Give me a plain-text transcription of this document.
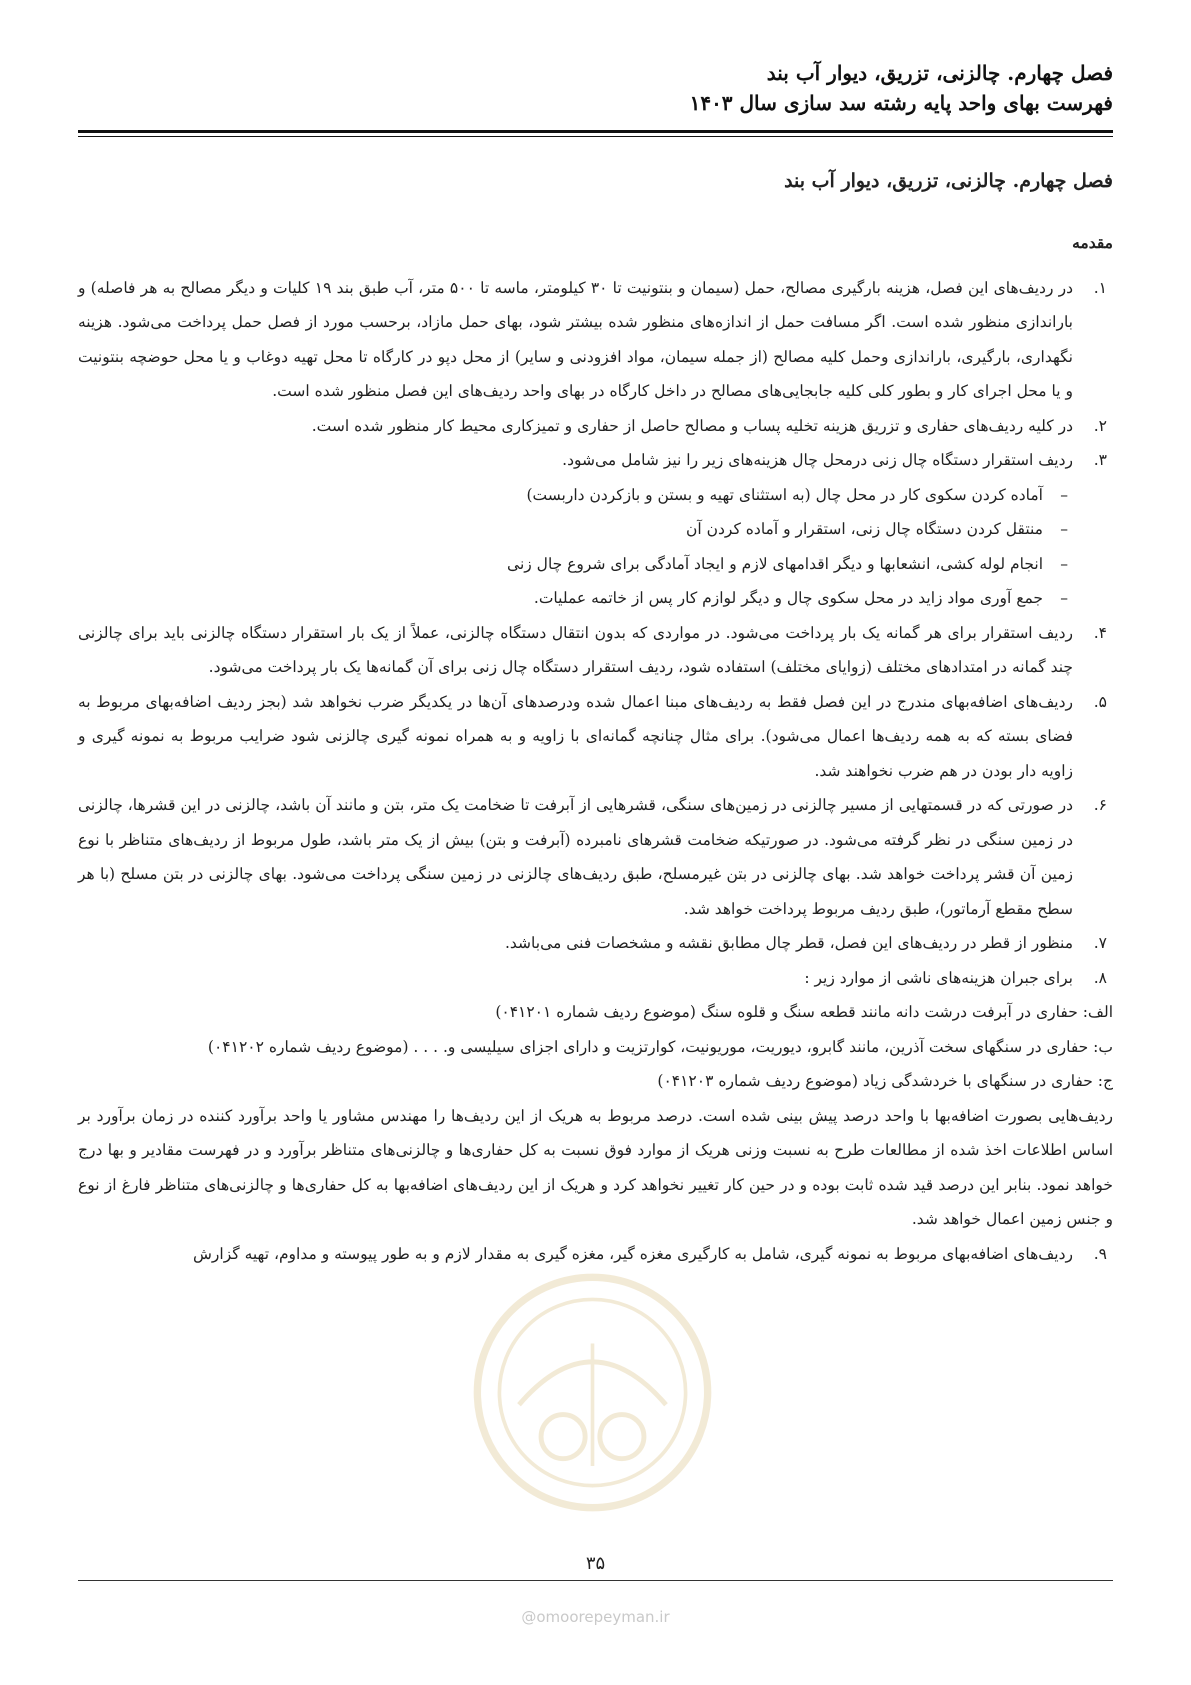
فصل چهارم. چالزنی، تزریق، دیوار آب بند
فهرست بهای واحد پایه رشته سد سازی سال ۱۴۰۳
فصل چهارم. چالزنی، تزریق، دیوار آب بند
مقدمه
۱.
در ردیف‌های این فصل، هزینه بارگیری مصالح، حمل (سیمان و بنتونیت تا ۳۰ کیلومتر، ماسه تا ۵۰۰ متر، آب طبق بند ۱۹ کلیات و دیگر مصالح به هر فاصله) و باراندازی منظور شده است. اگر مسافت حمل از اندازه‌های منظور شده بیشتر شود، بهای حمل مازاد، برحسب مورد از فصل حمل پرداخت می‌شود. هزینه نگهداری، بارگیری، باراندازی وحمل کلیه مصالح (از جمله سیمان، مواد افزودنی و سایر) از محل دپو در کارگاه تا محل تهیه دوغاب و یا محل حوضچه بنتونیت و یا محل اجرای کار و بطور کلی کلیه جابجایی‌های مصالح در داخل کارگاه در بهای واحد ردیف‌های این فصل منظور شده است.
۲.
در کلیه ردیف‌های حفاری و تزریق هزینه تخلیه پساب و مصالح حاصل از حفاری و تمیزکاری محیط کار منظور شده است.
۳.
ردیف استقرار دستگاه چال زنی درمحل چال هزینه‌های زیر را نیز شامل می‌شود.
–
آماده کردن سکوی کار در محل چال (به استثنای تهیه و بستن و بازکردن داربست)
–
منتقل کردن دستگاه چال زنی، استقرار و آماده کردن آن
–
انجام لوله کشی، انشعابها و دیگر اقدامهای لازم و ایجاد آمادگی برای شروع چال زنی
–
جمع آوری مواد زاید در محل سکوی چال و دیگر لوازم کار پس از خاتمه عملیات.
۴.
ردیف استقرار برای هر گمانه یک بار پرداخت می‌شود. در مواردی که بدون انتقال دستگاه چالزنی، عملاً از یک بار استقرار دستگاه چالزنی باید برای چالزنی چند گمانه در امتدادهای مختلف (زوایای مختلف) استفاده شود، ردیف استقرار دستگاه چال زنی برای آن گمانه‌ها یک بار پرداخت می‌شود.
۵.
ردیف‌های اضافه‌بهای مندرج در این فصل فقط به ردیف‌های مبنا اعمال شده ودرصدهای آن‌ها در یکدیگر ضرب نخواهد شد (بجز ردیف اضافه‌بهای مربوط به فضای بسته که به همه ردیف‌ها اعمال می‌شود). برای مثال چنانچه گمانه‌ای با زاویه و به همراه نمونه گیری چالزنی شود ضرایب مربوط به نمونه گیری و زاویه دار بودن در هم ضرب نخواهند شد.
۶.
در صورتی که در قسمتهایی از مسیر چالزنی در زمین‌های سنگی، قشرهایی از آبرفت تا ضخامت یک متر، بتن و مانند آن باشد، چالزنی در این قشرها، چالزنی در زمین سنگی در نظر گرفته می‌شود. در صورتیکه ضخامت قشرهای نامبرده (آبرفت و بتن) بیش از یک متر باشد، طول مربوط از ردیف‌های متناظر با نوع زمین آن قشر پرداخت خواهد شد. بهای چالزنی در بتن غیرمسلح، طبق ردیف‌های چالزنی در زمین سنگی پرداخت می‌شود. بهای چالزنی در بتن مسلح (با هر سطح مقطع آرماتور)، طبق ردیف مربوط پرداخت خواهد شد.
۷.
منظور از قطر در ردیف‌های این فصل، قطر چال مطابق نقشه و مشخصات فنی می‌باشد.
۸.
برای جبران هزینه‌های ناشی از موارد زیر :
الف: حفاری در آبرفت درشت دانه مانند قطعه سنگ و قلوه سنگ (موضوع ردیف شماره ۰۴۱۲۰۱)
ب: حفاری در سنگهای سخت آذرین، مانند گابرو، دیوریت، موریونیت، کوارتزیت و دارای اجزای سیلیسی و. . . . (موضوع ردیف شماره ۰۴۱۲۰۲)
ج: حفاری در سنگهای با خردشدگی زیاد (موضوع ردیف شماره ۰۴۱۲۰۳)
ردیف‌هایی بصورت اضافه‌بها با واحد درصد پیش بینی شده است. درصد مربوط به هریک از این ردیف‌ها را مهندس مشاور یا واحد برآورد کننده در زمان برآورد بر اساس اطلاعات اخذ شده از مطالعات طرح به نسبت وزنی هریک از موارد فوق نسبت به کل حفاری‌ها و چالزنی‌های متناظر برآورد و در فهرست مقادیر و بها درج خواهد نمود. بنابر این درصد قید شده ثابت بوده و در حین کار تغییر نخواهد کرد و هریک از این ردیف‌های اضافه‌بها به کل حفاری‌ها و چالزنی‌های متناظر فارغ از نوع و جنس زمین اعمال خواهد شد.
۹.
ردیف‌های اضافه‌بهای مربوط به نمونه گیری، شامل به کارگیری مغزه گیر، مغزه گیری به مقدار لازم و به طور پیوسته و مداوم، تهیه گزارش
۳۵
@omoorepeyman.ir
